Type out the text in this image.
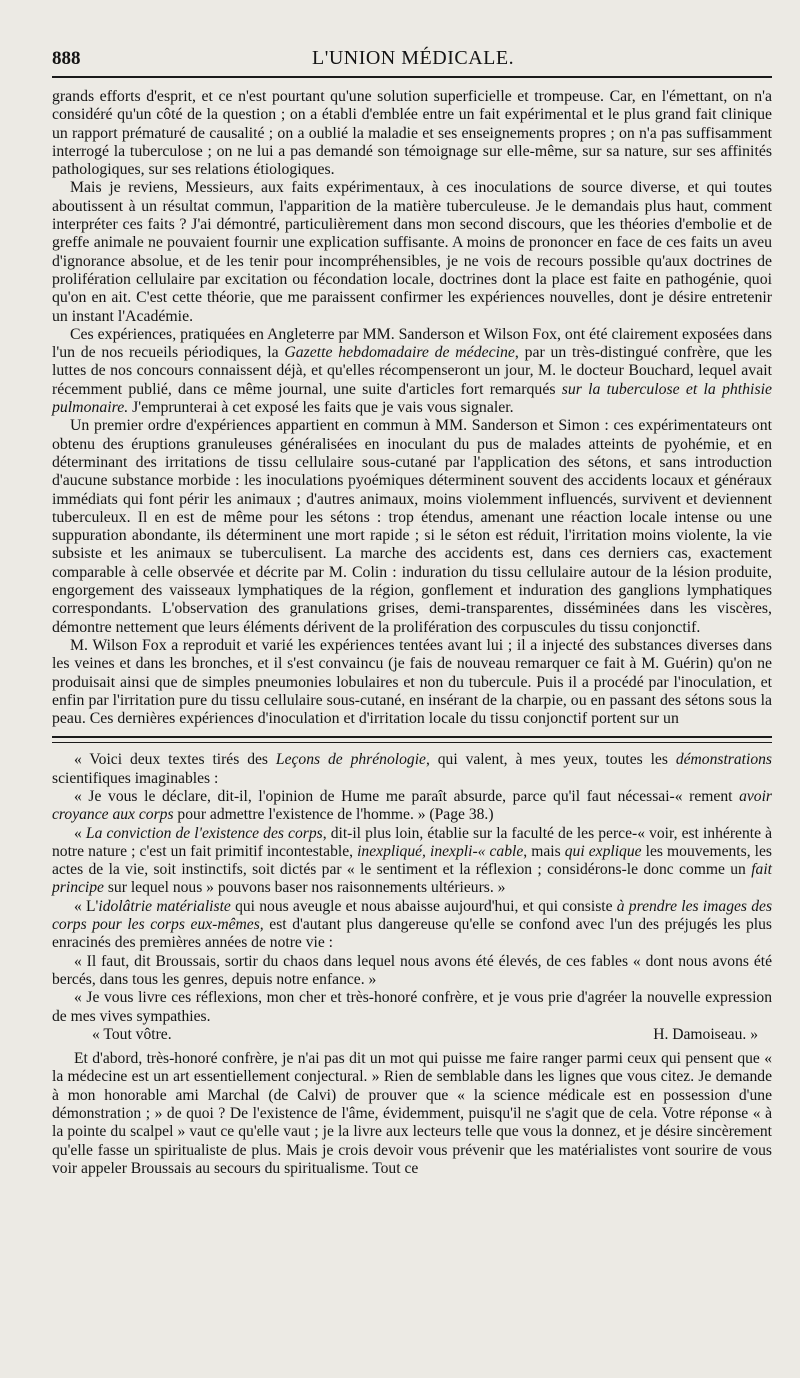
888	L'UNION MÉDICALE.

grands efforts d'esprit, et ce n'est pourtant qu'une solution superficielle et trompeuse. Car, en l'émettant, on n'a considéré qu'un côté de la question ; on a établi d'emblée entre un fait expérimental et le plus grand fait clinique un rapport prématuré de causalité ; on a oublié la maladie et ses enseignements propres ; on n'a pas suffisamment interrogé la tuberculose ; on ne lui a pas demandé son témoignage sur elle-même, sur sa nature, sur ses affinités pathologiques, sur ses relations étiologiques.

Mais je reviens, Messieurs, aux faits expérimentaux, à ces inoculations de source diverse, et qui toutes aboutissent à un résultat commun, l'apparition de la matière tuberculeuse. Je le demandais plus haut, comment interpréter ces faits ? J'ai démontré, particulièrement dans mon second discours, que les théories d'embolie et de greffe animale ne pouvaient fournir une explication suffisante. A moins de prononcer en face de ces faits un aveu d'ignorance absolue, et de les tenir pour incompréhensibles, je ne vois de recours possible qu'aux doctrines de prolifération cellulaire par excitation ou fécondation locale, doctrines dont la place est faite en pathogénie, quoi qu'on en ait. C'est cette théorie, que me paraissent confirmer les expériences nouvelles, dont je désire entretenir un instant l'Académie.

Ces expériences, pratiquées en Angleterre par MM. Sanderson et Wilson Fox, ont été clairement exposées dans l'un de nos recueils périodiques, la Gazette hebdomadaire de médecine, par un très-distingué confrère, que les luttes de nos concours connaissent déjà, et qu'elles récompenseront un jour, M. le docteur Bouchard, lequel avait récemment publié, dans ce même journal, une suite d'articles fort remarqués sur la tuberculose et la phthisie pulmonaire. J'emprunterai à cet exposé les faits que je vais vous signaler.

Un premier ordre d'expériences appartient en commun à MM. Sanderson et Simon : ces expérimentateurs ont obtenu des éruptions granuleuses généralisées en inoculant du pus de malades atteints de pyohémie, et en déterminant des irritations de tissu cellulaire sous-cutané par l'application des sétons, et sans introduction d'aucune substance morbide : les inoculations pyoémiques déterminent souvent des accidents locaux et généraux immédiats qui font périr les animaux ; d'autres animaux, moins violemment influencés, survivent et deviennent tuberculeux. Il en est de même pour les sétons : trop étendus, amenant une réaction locale intense ou une suppuration abondante, ils déterminent une mort rapide ; si le séton est réduit, l'irritation moins violente, la vie subsiste et les animaux se tuberculisent. La marche des accidents est, dans ces derniers cas, exactement comparable à celle observée et décrite par M. Colin : induration du tissu cellulaire autour de la lésion produite, engorgement des vaisseaux lymphatiques de la région, gonflement et induration des ganglions lymphatiques correspondants. L'observation des granulations grises, demi-transparentes, disséminées dans les viscères, démontre nettement que leurs éléments dérivent de la prolifération des corpuscules du tissu conjonctif.

M. Wilson Fox a reproduit et varié les expériences tentées avant lui ; il a injecté des substances diverses dans les veines et dans les bronches, et il s'est convaincu (je fais de nouveau remarquer ce fait à M. Guérin) qu'on ne produisait ainsi que de simples pneumonies lobulaires et non du tubercule. Puis il a procédé par l'inoculation, et enfin par l'irritation pure du tissu cellulaire sous-cutané, en insérant de la charpie, ou en passant des sétons sous la peau. Ces dernières expériences d'inoculation et d'irritation locale du tissu conjonctif portent sur un

« Voici deux textes tirés des Leçons de phrénologie, qui valent, à mes yeux, toutes les démonstrations scientifiques imaginables :

« Je vous le déclare, dit-il, l'opinion de Hume me paraît absurde, parce qu'il faut nécessai-« rement avoir croyance aux corps pour admettre l'existence de l'homme. » (Page 38.)

« La conviction de l'existence des corps, dit-il plus loin, établie sur la faculté de les perce-« voir, est inhérente à notre nature ; c'est un fait primitif incontestable, inexpliqué, inexpli-« cable, mais qui explique les mouvements, les actes de la vie, soit instinctifs, soit dictés par « le sentiment et la réflexion ; considérons-le donc comme un fait principe sur lequel nous » pouvons baser nos raisonnements ultérieurs. »

« L'idolâtrie matérialiste qui nous aveugle et nous abaisse aujourd'hui, et qui consiste à prendre les images des corps pour les corps eux-mêmes, est d'autant plus dangereuse qu'elle se confond avec l'un des préjugés les plus enracinés des premières années de notre vie :

« Il faut, dit Broussais, sortir du chaos dans lequel nous avons été élevés, de ces fables « dont nous avons été bercés, dans tous les genres, depuis notre enfance. »

« Je vous livre ces réflexions, mon cher et très-honoré confrère, et je vous prie d'agréer la nouvelle expression de mes vives sympathies.

« Tout vôtre.	H. Damoiseau. »

Et d'abord, très-honoré confrère, je n'ai pas dit un mot qui puisse me faire ranger parmi ceux qui pensent que « la médecine est un art essentiellement conjectural. » Rien de semblable dans les lignes que vous citez. Je demande à mon honorable ami Marchal (de Calvi) de prouver que « la science médicale est en possession d'une démonstration ; » de quoi ? De l'existence de l'âme, évidemment, puisqu'il ne s'agit que de cela. Votre réponse « à la pointe du scalpel » vaut ce qu'elle vaut ; je la livre aux lecteurs telle que vous la donnez, et je désire sincèrement qu'elle fasse un spiritualiste de plus. Mais je crois devoir vous prévenir que les matérialistes vont sourire de vous voir appeler Broussais au secours du spiritualisme. Tout ce
